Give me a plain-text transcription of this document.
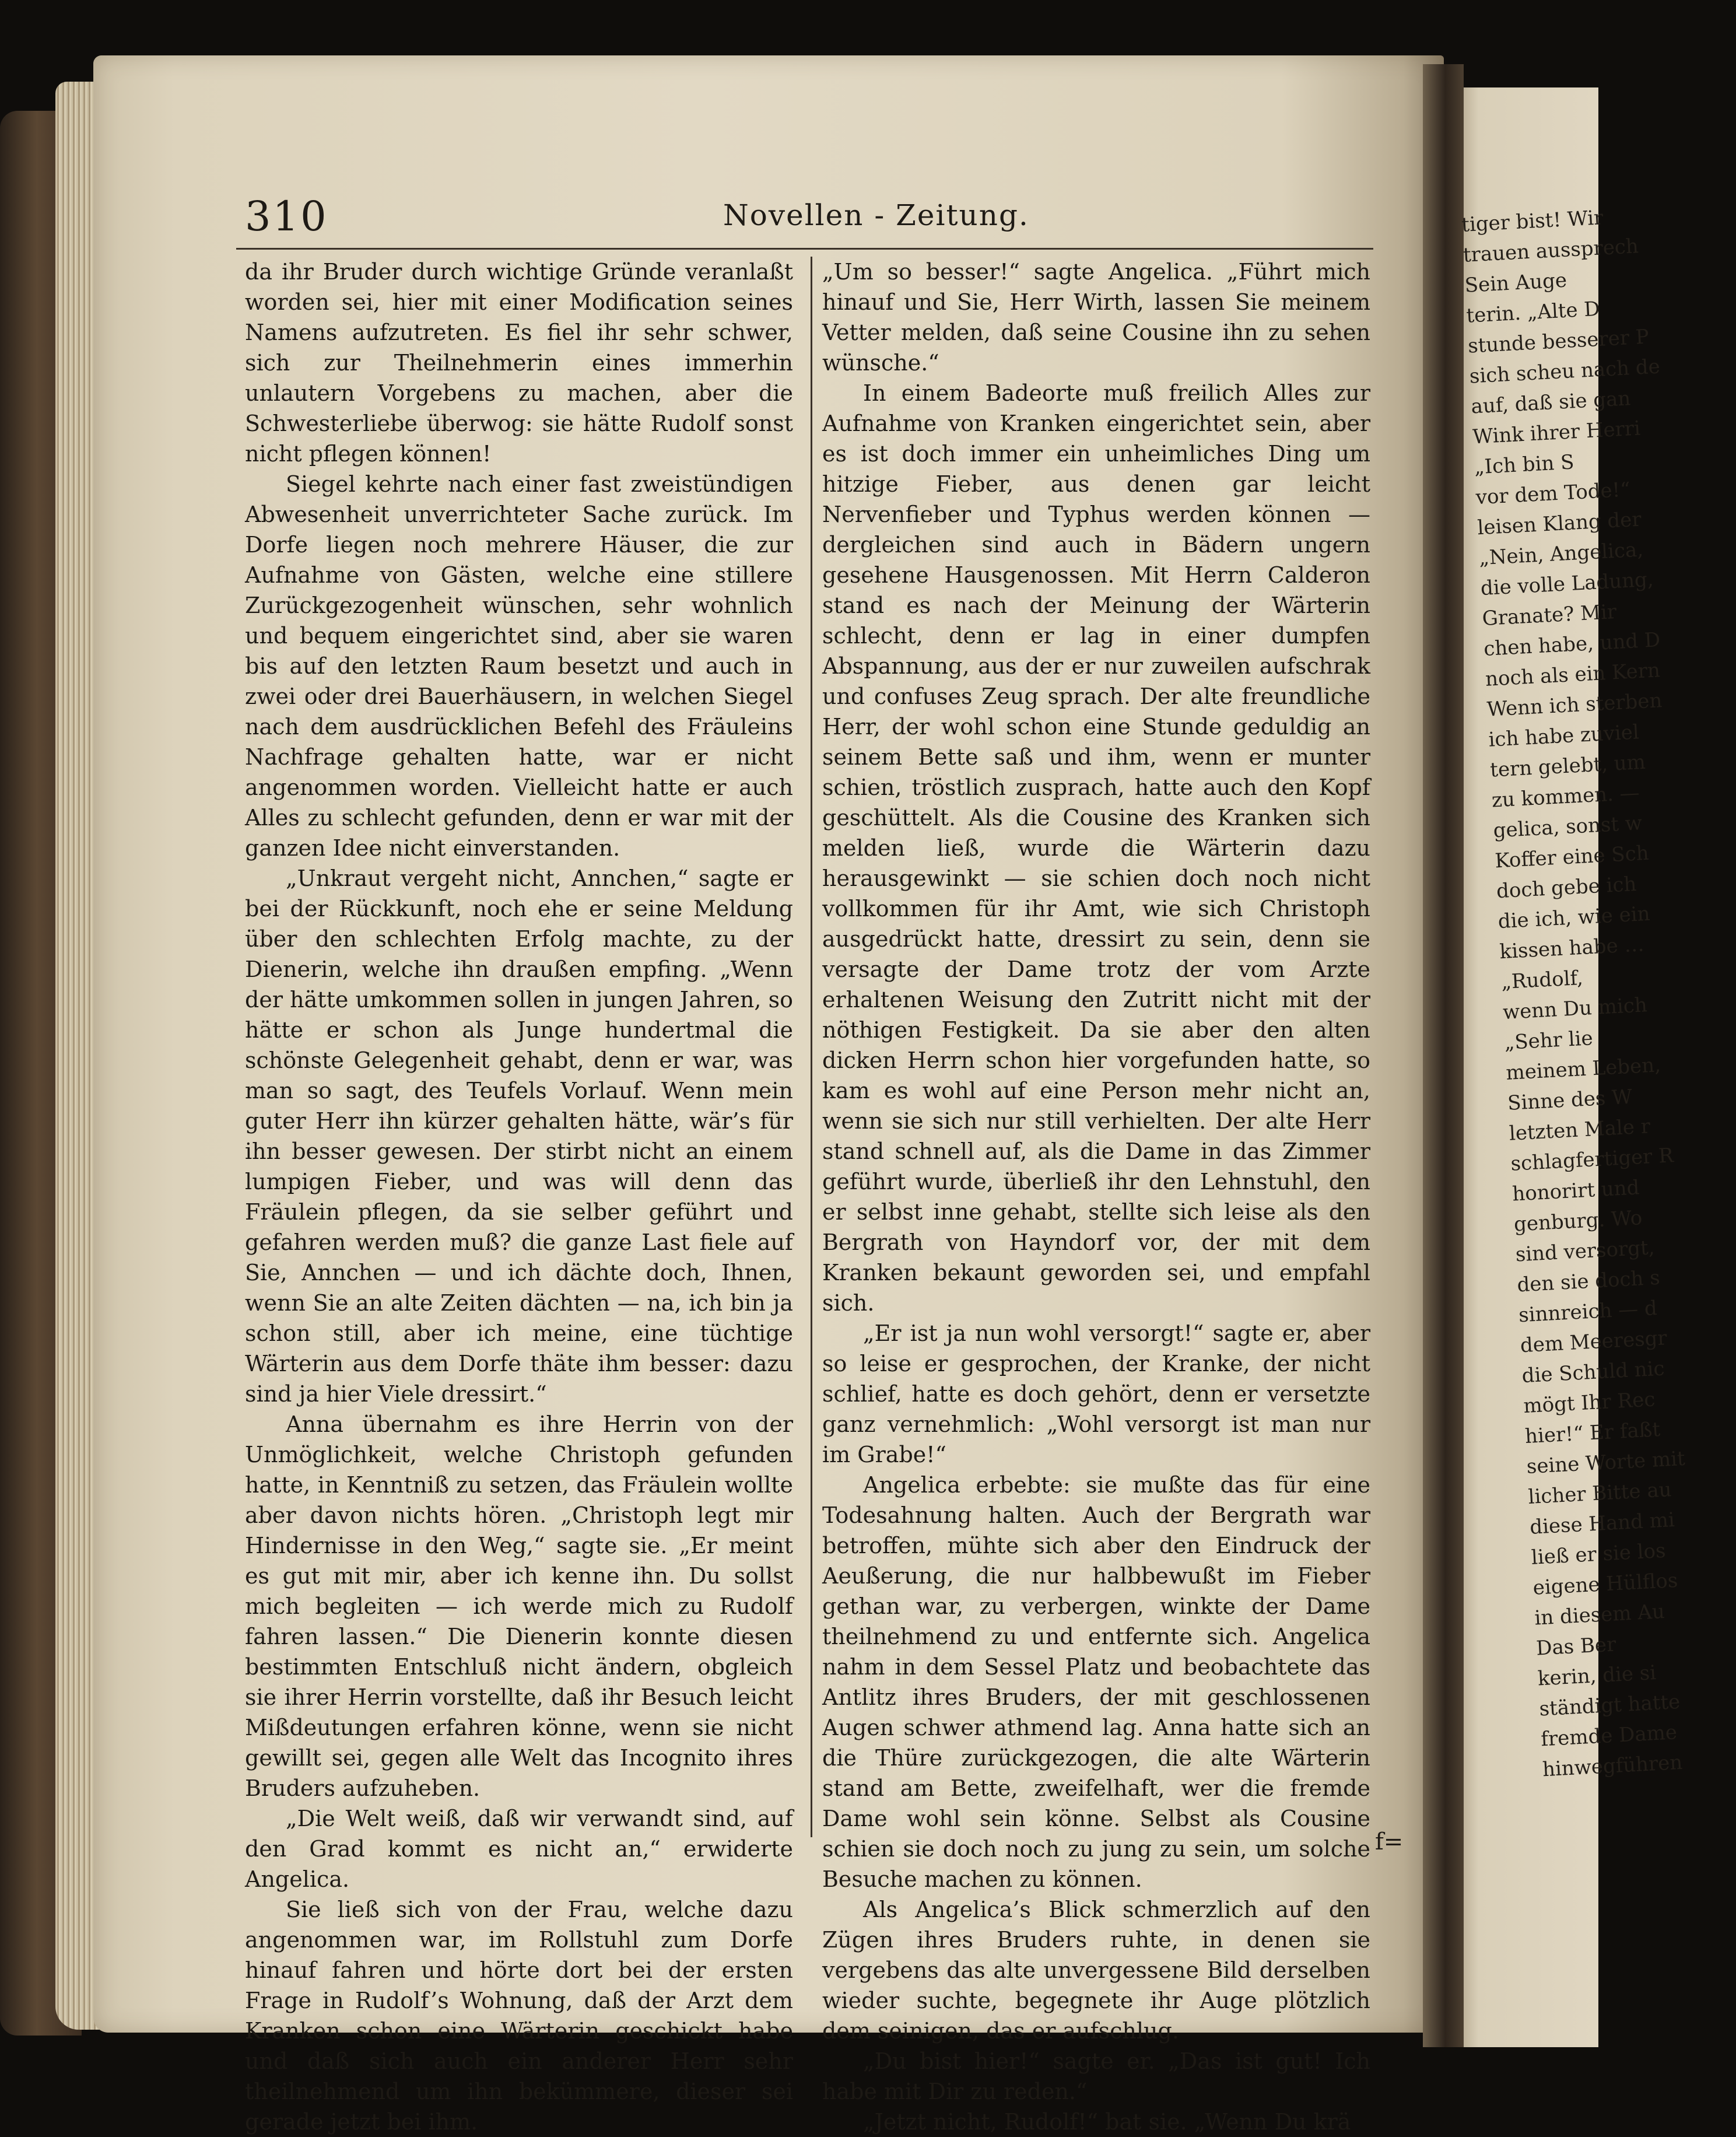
310	Novellen - Zeitung.

da ihr Bruder durch wichtige Gründe veranlaßt worden sei, hier mit einer Modification seines Namens aufzutreten. Es fiel ihr sehr schwer, sich zur Theilnehmerin eines immerhin unlautern Vorgebens zu machen, aber die Schwesterliebe überwog: sie hätte Rudolf sonst nicht pflegen können!

Siegel kehrte nach einer fast zweistündigen Abwesenheit unverrichteter Sache zurück. Im Dorfe liegen noch mehrere Häuser, die zur Aufnahme von Gästen, welche eine stillere Zurückgezogenheit wünschen, sehr wohnlich und bequem eingerichtet sind, aber sie waren bis auf den letzten Raum besetzt und auch in zwei oder drei Bauerhäusern, in welchen Siegel nach dem ausdrücklichen Befehl des Fräuleins Nachfrage gehalten hatte, war er nicht angenommen worden. Vielleicht hatte er auch Alles zu schlecht gefunden, denn er war mit der ganzen Idee nicht einverstanden.

„Unkraut vergeht nicht, Annchen,“ sagte er bei der Rückkunft, noch ehe er seine Meldung über den schlechten Erfolg machte, zu der Dienerin, welche ihn draußen empfing. „Wenn der hätte umkommen sollen in jungen Jahren, so hätte er schon als Junge hundertmal die schönste Gelegenheit gehabt, denn er war, was man so sagt, des Teufels Vorlauf. Wenn mein guter Herr ihn kürzer gehalten hätte, wär’s für ihn besser gewesen. Der stirbt nicht an einem lumpigen Fieber, und was will denn das Fräulein pflegen, da sie selber geführt und gefahren werden muß? die ganze Last fiele auf Sie, Annchen — und ich dächte doch, Ihnen, wenn Sie an alte Zeiten dächten — na, ich bin ja schon still, aber ich meine, eine tüchtige Wärterin aus dem Dorfe thäte ihm besser: dazu sind ja hier Viele dressirt.“

Anna übernahm es ihre Herrin von der Unmöglichkeit, welche Christoph gefunden hatte, in Kenntniß zu setzen, das Fräulein wollte aber davon nichts hören. „Christoph legt mir Hindernisse in den Weg,“ sagte sie. „Er meint es gut mit mir, aber ich kenne ihn. Du sollst mich begleiten — ich werde mich zu Rudolf fahren lassen.“ Die Dienerin konnte diesen bestimmten Entschluß nicht ändern, obgleich sie ihrer Herrin vorstellte, daß ihr Besuch leicht Mißdeutungen erfahren könne, wenn sie nicht gewillt sei, gegen alle Welt das Incognito ihres Bruders aufzuheben.

„Die Welt weiß, daß wir verwandt sind, auf den Grad kommt es nicht an,“ erwiderte Angelica.

Sie ließ sich von der Frau, welche dazu angenommen war, im Rollstuhl zum Dorfe hinauf fahren und hörte dort bei der ersten Frage in Rudolf’s Wohnung, daß der Arzt dem Kranken schon eine Wärterin geschickt habe und daß sich auch ein anderer Herr sehr theilnehmend um ihn bekümmere, dieser sei gerade jetzt bei ihm.

„Um so besser!“ sagte Angelica. „Führt mich hinauf und Sie, Herr Wirth, lassen Sie meinem Vetter melden, daß seine Cousine ihn zu sehen wünsche.“

In einem Badeorte muß freilich Alles zur Aufnahme von Kranken eingerichtet sein, aber es ist doch immer ein unheimliches Ding um hitzige Fieber, aus denen gar leicht Nervenfieber und Typhus werden können — dergleichen sind auch in Bädern ungern gesehene Hausgenossen. Mit Herrn Calderon stand es nach der Meinung der Wärterin schlecht, denn er lag in einer dumpfen Abspannung, aus der er nur zuweilen aufschrak und confuses Zeug sprach. Der alte freundliche Herr, der wohl schon eine Stunde geduldig an seinem Bette saß und ihm, wenn er munter schien, tröstlich zusprach, hatte auch den Kopf geschüttelt. Als die Cousine des Kranken sich melden ließ, wurde die Wärterin dazu herausgewinkt — sie schien doch noch nicht vollkommen für ihr Amt, wie sich Christoph ausgedrückt hatte, dressirt zu sein, denn sie versagte der Dame trotz der vom Arzte erhaltenen Weisung den Zutritt nicht mit der nöthigen Festigkeit. Da sie aber den alten dicken Herrn schon hier vorgefunden hatte, so kam es wohl auf eine Person mehr nicht an, wenn sie sich nur still verhielten. Der alte Herr stand schnell auf, als die Dame in das Zimmer geführt wurde, überließ ihr den Lehnstuhl, den er selbst inne gehabt, stellte sich leise als den Bergrath von Hayndorf vor, der mit dem Kranken bekaunt geworden sei, und empfahl sich.

„Er ist ja nun wohl versorgt!“ sagte er, aber so leise er gesprochen, der Kranke, der nicht schlief, hatte es doch gehört, denn er versetzte ganz vernehmlich: „Wohl versorgt ist man nur im Grabe!“

Angelica erbebte: sie mußte das für eine Todesahnung halten. Auch der Bergrath war betroffen, mühte sich aber den Eindruck der Aeußerung, die nur halbbewußt im Fieber gethan war, zu verbergen, winkte der Dame theilnehmend zu und entfernte sich. Angelica nahm in dem Sessel Platz und beobachtete das Antlitz ihres Bruders, der mit geschlossenen Augen schwer athmend lag. Anna hatte sich an die Thüre zurückgezogen, die alte Wärterin stand am Bette, zweifelhaft, wer die fremde Dame wohl sein könne. Selbst als Cousine schien sie doch noch zu jung zu sein, um solche Besuche machen zu können.

Als Angelica’s Blick schmerzlich auf den Zügen ihres Bruders ruhte, in denen sie vergebens das alte unvergessene Bild derselben wieder suchte, begegnete ihr Auge plötzlich dem seinigen, das er aufschlug.

„Du bist hier!“ sagte er. „Das ist gut! Ich habe mit Dir zu reden.“

„Jetzt nicht, Rudolf!“ bat sie. „Wenn Du krä

f=
tiger bist! Wir
trauen aussprech
Sein Auge
terin. „Alte D
stunde besserer P
sich scheu nach de
auf, daß sie gan
Wink ihrer Herri
„Ich bin S
vor dem Tode!“
leisen Klang der
„Nein, Angelica,
die volle Ladung,
Granate? Mir
chen habe, und D
noch als ein Kern
Wenn ich sterben
ich habe zuviel
tern gelebt, um
zu kommen. —
gelica, sonst w
Koffer eine Sch
doch gebe ich
die ich, wie ein
kissen habe …
„Rudolf,
wenn Du mich
„Sehr lie
meinem Leben,
Sinne des W
letzten Male r
schlagfertiger R
honorirt und
genburg. Wo
sind versorgt,
den sie doch s
sinnreich — d
dem Meeresgr
die Schuld nic
mögt Ihr Rec
hier!“ Er faßt
seine Worte mit
licher Bitte au
diese Hand mi
ließ er sie los
eigene Hülflos
in diesem Au
Das Ber
kerin, die si
ständigt hatte
fremde Dame
hinwegführen
